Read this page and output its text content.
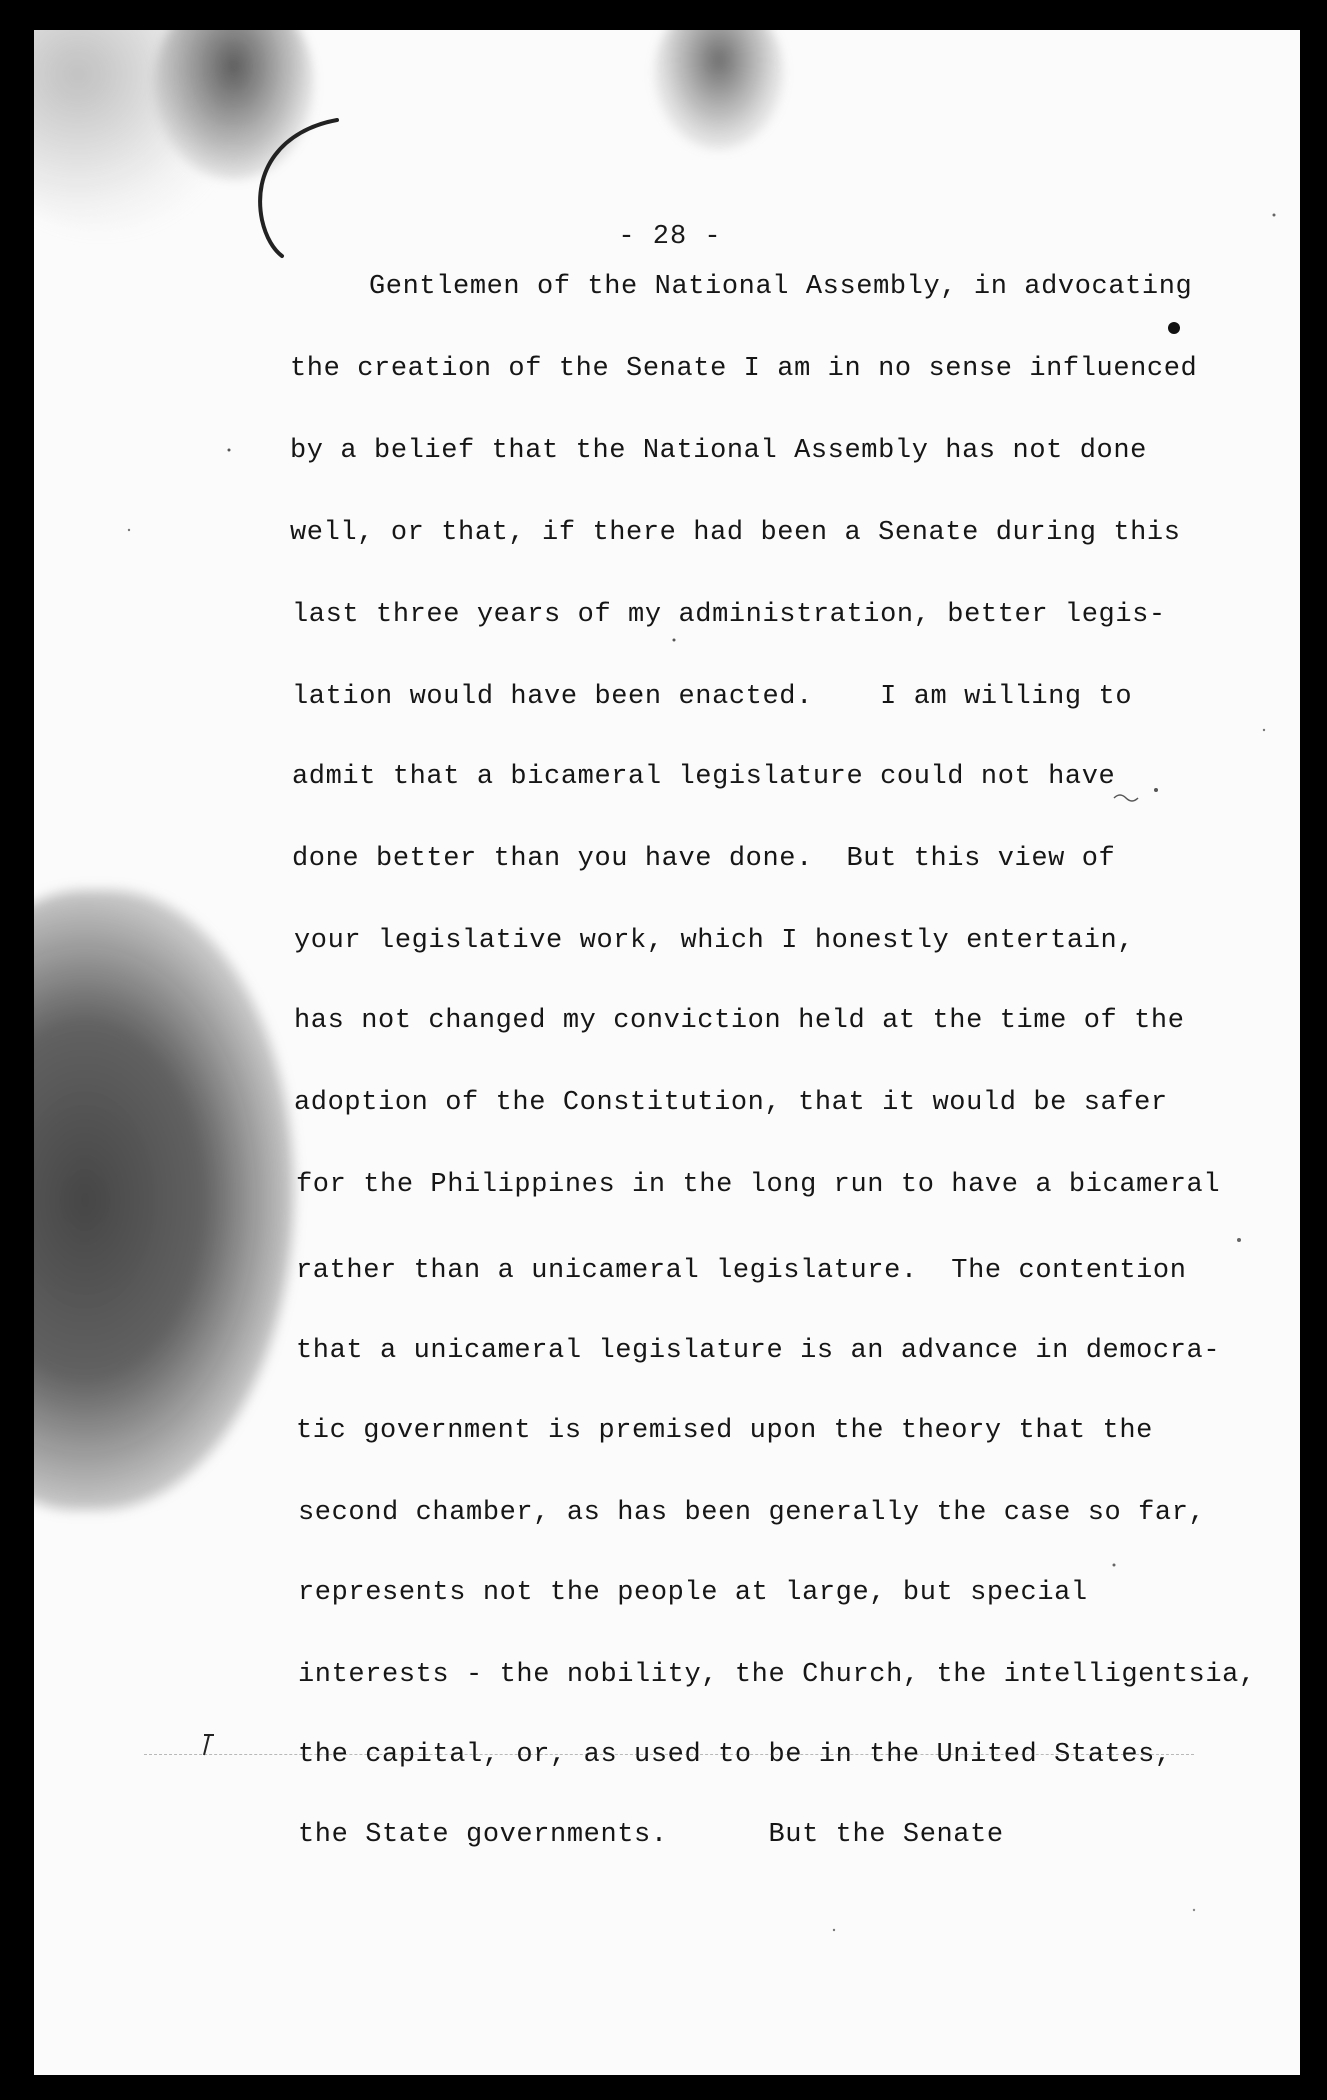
- 28 -
Gentlemen of the National Assembly, in advocating
the creation of the Senate I am in no sense influenced
by a belief that the National Assembly has not done
well, or that, if there had been a Senate during this
last three years of my administration, better legis-
lation would have been enacted.    I am willing to
admit that a bicameral legislature could not have
done better than you have done.  But this view of
your legislative work, which I honestly entertain,
has not changed my conviction held at the time of the
adoption of the Constitution, that it would be safer
for the Philippines in the long run to have a bicameral
rather than a unicameral legislature.  The contention
that a unicameral legislature is an advance in democra-
tic government is premised upon the theory that the
second chamber, as has been generally the case so far,
represents not the people at large, but special
interests - the nobility, the Church, the intelligentsia,
the capital, or, as used to be in the United States,
the State governments.      But the Senate
